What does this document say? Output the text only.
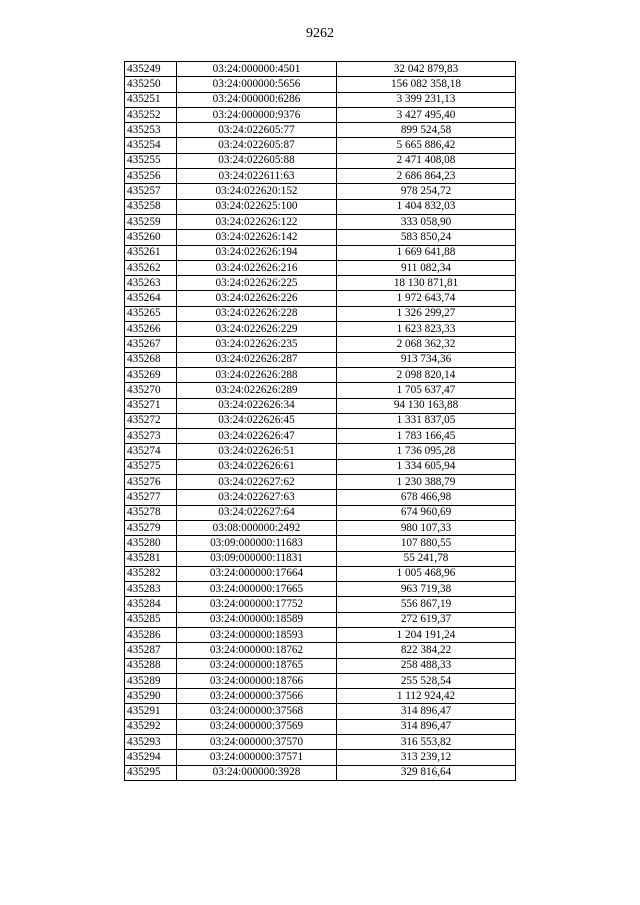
9262
435249	03:24:000000:4501	32 042 879,83
435250	03:24:000000:5656	156 082 358,18
435251	03:24:000000:6286	3 399 231,13
435252	03:24:000000:9376	3 427 495,40
435253	03:24:022605:77	899 524,58
435254	03:24:022605:87	5 665 886,42
435255	03:24:022605:88	2 471 408,08
435256	03:24:022611:63	2 686 864,23
435257	03:24:022620:152	978 254,72
435258	03:24:022625:100	1 404 832,03
435259	03:24:022626:122	333 058,90
435260	03:24:022626:142	583 850,24
435261	03:24:022626:194	1 669 641,88
435262	03:24:022626:216	911 082,34
435263	03:24:022626:225	18 130 871,81
435264	03:24:022626:226	1 972 643,74
435265	03:24:022626:228	1 326 299,27
435266	03:24:022626:229	1 623 823,33
435267	03:24:022626:235	2 068 362,32
435268	03:24:022626:287	913 734,36
435269	03:24:022626:288	2 098 820,14
435270	03:24:022626:289	1 705 637,47
435271	03:24:022626:34	94 130 163,88
435272	03:24:022626:45	1 331 837,05
435273	03:24:022626:47	1 783 166,45
435274	03:24:022626:51	1 736 095,28
435275	03:24:022626:61	1 334 605,94
435276	03:24:022627:62	1 230 388,79
435277	03:24:022627:63	678 466,98
435278	03:24:022627:64	674 960,69
435279	03:08:000000:2492	980 107,33
435280	03:09:000000:11683	107 880,55
435281	03:09:000000:11831	55 241,78
435282	03:24:000000:17664	1 005 468,96
435283	03:24:000000:17665	963 719,38
435284	03:24:000000:17752	556 867,19
435285	03:24:000000:18589	272 619,37
435286	03:24:000000:18593	1 204 191,24
435287	03:24:000000:18762	822 384,22
435288	03:24:000000:18765	258 488,33
435289	03:24:000000:18766	255 528,54
435290	03:24:000000:37566	1 112 924,42
435291	03:24:000000:37568	314 896,47
435292	03:24:000000:37569	314 896,47
435293	03:24:000000:37570	316 553,82
435294	03:24:000000:37571	313 239,12
435295	03:24:000000:3928	329 816,64
